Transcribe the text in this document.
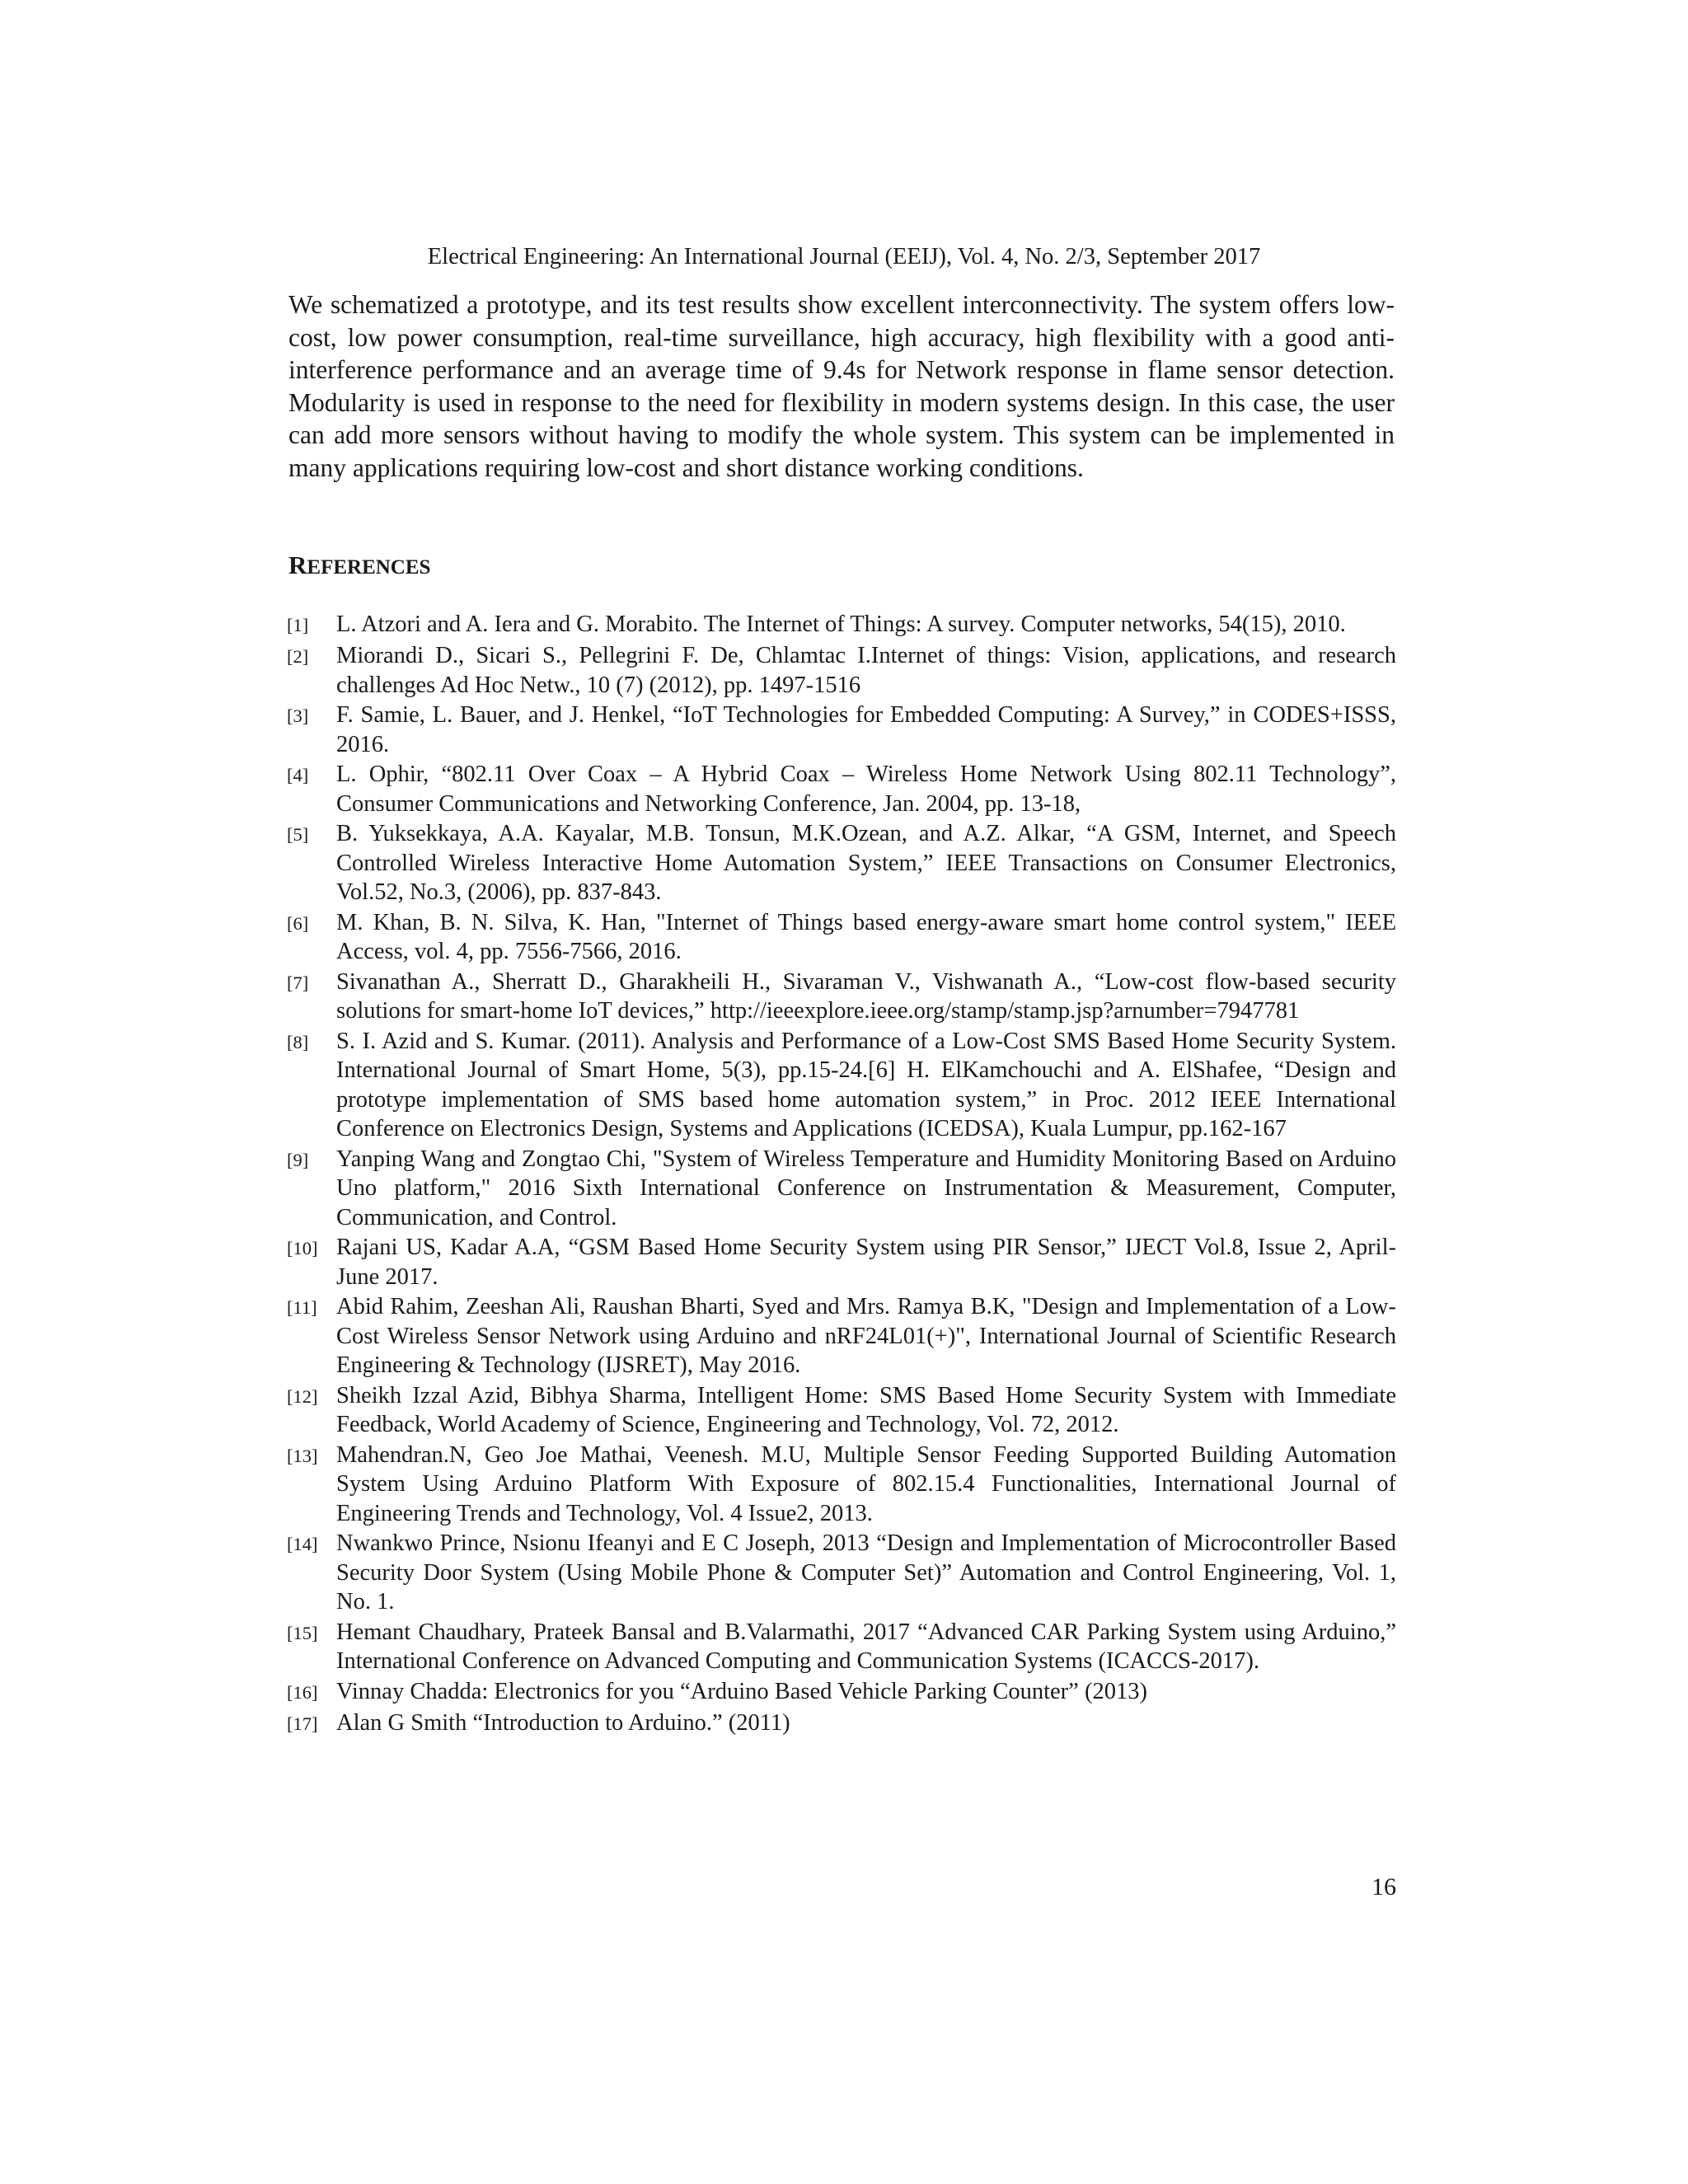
Electrical Engineering: An International Journal (EEIJ), Vol. 4, No. 2/3, September 2017

We schematized a prototype, and its test results show excellent interconnectivity. The system offers low-cost, low power consumption, real-time surveillance, high accuracy, high flexibility with a good anti-interference performance and an average time of 9.4s for Network response in flame sensor detection. Modularity is used in response to the need for flexibility in modern systems design. In this case, the user can add more sensors without having to modify the whole system. This system can be implemented in many applications requiring low-cost and short distance working conditions.

REFERENCES
[1]	L. Atzori and A. Iera and G. Morabito. The Internet of Things: A survey. Computer networks, 54(15), 2010.
[2]	Miorandi D., Sicari S., Pellegrini F. De, Chlamtac I.Internet of things: Vision, applications, and research challenges Ad Hoc Netw., 10 (7) (2012), pp. 1497-1516
[3]	F. Samie, L. Bauer, and J. Henkel, “IoT Technologies for Embedded Computing: A Survey,” in CODES+ISSS, 2016.
[4]	L. Ophir, “802.11 Over Coax – A Hybrid Coax – Wireless Home Network Using 802.11 Technology”, Consumer Communications and Networking Conference, Jan. 2004, pp. 13-18,
[5]	B. Yuksekkaya, A.A. Kayalar, M.B. Tonsun, M.K.Ozean, and A.Z. Alkar, “A GSM, Internet, and Speech Controlled Wireless Interactive Home Automation System,” IEEE Transactions on Consumer Electronics, Vol.52, No.3, (2006), pp. 837-843.
[6]	M. Khan, B. N. Silva, K. Han, "Internet of Things based energy-aware smart home control system," IEEE Access, vol. 4, pp. 7556-7566, 2016.
[7]	Sivanathan A., Sherratt D., Gharakheili H., Sivaraman V., Vishwanath A., “Low-cost flow-based security solutions for smart-home IoT devices,” http://ieeexplore.ieee.org/stamp/stamp.jsp?arnumber=7947781
[8]	S. I. Azid and S. Kumar. (2011). Analysis and Performance of a Low-Cost SMS Based Home Security System. International Journal of Smart Home, 5(3), pp.15-24.[6] H. ElKamchouchi and A. ElShafee, “Design and prototype implementation of SMS based home automation system,” in Proc. 2012 IEEE International Conference on Electronics Design, Systems and Applications (ICEDSA), Kuala Lumpur, pp.162-167
[9]	Yanping Wang and Zongtao Chi, "System of Wireless Temperature and Humidity Monitoring Based on Arduino Uno platform," 2016 Sixth International Conference on Instrumentation & Measurement, Computer, Communication, and Control.
[10] Rajani US, Kadar A.A, “GSM Based Home Security System using PIR Sensor,” IJECT Vol.8, Issue 2, April-June 2017.
[11] Abid Rahim, Zeeshan Ali, Raushan Bharti, Syed and Mrs. Ramya B.K, "Design and Implementation of a Low-Cost Wireless Sensor Network using Arduino and nRF24L01(+)", International Journal of Scientific Research Engineering & Technology (IJSRET), May 2016.
[12] Sheikh Izzal Azid, Bibhya Sharma, Intelligent Home: SMS Based Home Security System with Immediate Feedback, World Academy of Science, Engineering and Technology, Vol. 72, 2012.
[13] Mahendran.N, Geo Joe Mathai, Veenesh. M.U, Multiple Sensor Feeding Supported Building Automation System Using Arduino Platform With Exposure of 802.15.4 Functionalities, International Journal of Engineering Trends and Technology, Vol. 4 Issue2, 2013.
[14] Nwankwo Prince, Nsionu Ifeanyi and E C Joseph, 2013 “Design and Implementation of Microcontroller Based Security Door System (Using Mobile Phone & Computer Set)” Automation and Control Engineering, Vol. 1, No. 1.
[15] Hemant Chaudhary, Prateek Bansal and B.Valarmathi, 2017 “Advanced CAR Parking System using Arduino,” International Conference on Advanced Computing and Communication Systems (ICACCS-2017).
[16] Vinnay Chadda: Electronics for you “Arduino Based Vehicle Parking Counter” (2013)
[17] Alan G Smith “Introduction to Arduino.” (2011)
16
